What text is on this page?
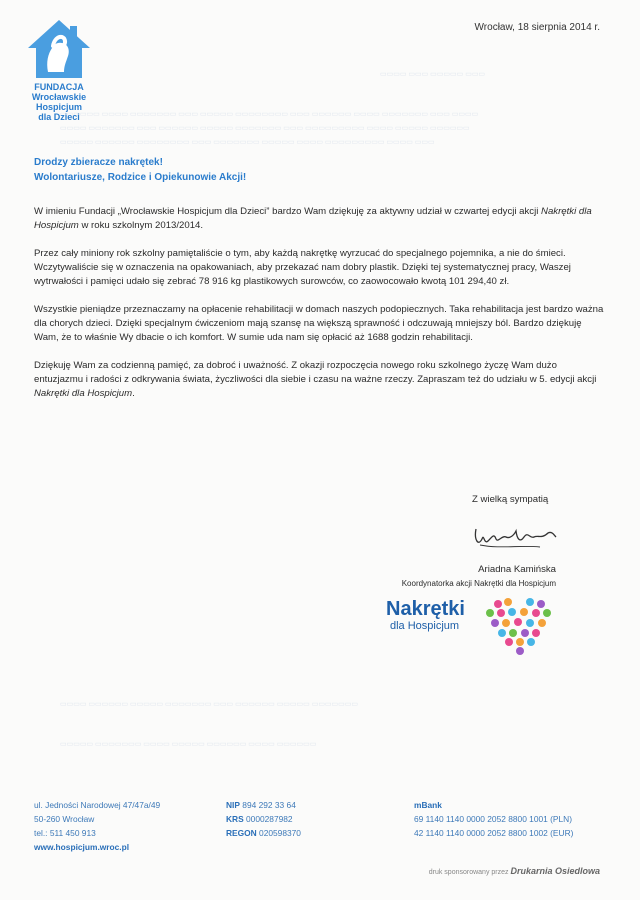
▭▭▭▭ ▭▭▭ ▭▭▭▭▭ ▭▭▭
▭▭▭▭▭▭ ▭▭▭▭ ▭▭▭▭▭▭▭ ▭▭▭ ▭▭▭▭▭ ▭▭▭▭▭▭▭▭ ▭▭▭ ▭▭▭▭▭▭ ▭▭▭▭ ▭▭▭▭▭▭▭ ▭▭▭ ▭▭▭▭
▭▭▭▭ ▭▭▭▭▭▭▭ ▭▭▭ ▭▭▭▭▭▭ ▭▭▭▭▭ ▭▭▭▭▭▭▭ ▭▭▭ ▭▭▭▭▭▭▭▭▭ ▭▭▭▭ ▭▭▭▭▭ ▭▭▭▭▭▭
▭▭▭▭▭ ▭▭▭▭▭▭ ▭▭▭▭▭▭▭▭ ▭▭▭ ▭▭▭▭▭▭▭ ▭▭▭▭▭ ▭▭▭▭ ▭▭▭▭▭▭▭▭▭ ▭▭▭▭ ▭▭▭
▭▭▭▭ ▭▭▭▭▭▭ ▭▭▭▭▭ ▭▭▭▭▭▭▭ ▭▭▭ ▭▭▭▭▭▭ ▭▭▭▭▭ ▭▭▭▭▭▭▭
▭▭▭▭▭ ▭▭▭▭▭▭▭ ▭▭▭▭ ▭▭▭▭▭ ▭▭▭▭▭▭ ▭▭▭▭ ▭▭▭▭▭▭
FUNDACJA
Wrocławskie
Hospicjum
dla Dzieci
Wrocław, 18 sierpnia 2014 r.

Drodzy zbieracze nakrętek!

Wolontariusze, Rodzice i Opiekunowie Akcji!

W imieniu Fundacji „Wrocławskie Hospicjum dla Dzieci” bardzo Wam dziękuję za aktywny udział w czwartej edycji akcji Nakrętki dla Hospicjum w roku szkolnym 2013/2014.

Przez cały miniony rok szkolny pamiętaliście o tym, aby każdą nakrętkę wyrzucać do specjalnego pojemnika, a nie do śmieci. Wczytywaliście się w oznaczenia na opakowaniach, aby przekazać nam dobry plastik. Dzięki tej systematycznej pracy, Waszej wytrwałości i pamięci udało się zebrać 78 916 kg plastikowych surowców, co zaowocowało kwotą 101 294,40 zł.

Wszystkie pieniądze przeznaczamy na opłacenie rehabilitacji w domach naszych podopiecznych. Taka rehabilitacja jest bardzo ważna dla chorych dzieci. Dzięki specjalnym ćwiczeniom mają szansę na większą sprawność i odczuwają mniejszy ból. Bardzo dziękuję Wam, że to właśnie Wy dbacie o ich komfort. W sumie uda nam się opłacić aż 1688 godzin rehabilitacji.

Dziękuję Wam za codzienną pamięć, za dobroć i uważność. Z okazji rozpoczęcia nowego roku szkolnego życzę Wam dużo entuzjazmu i radości z odkrywania świata, życzliwości dla siebie i czasu na ważne rzeczy. Zapraszam też do udziału w 5. edycji akcji Nakrętki dla Hospicjum.

Z wielką sympatią
Ariadna Kamińska
Koordynatorka akcji Nakrętki dla Hospicjum
Nakrętki
dla Hospicjum
ul. Jedności Narodowej 47/47a/49
50-260 Wrocław
tel.: 511 450 913
www.hospicjum.wroc.pl
NIP 894 292 33 64
KRS 0000287982
REGON 020598370
mBank
69 1140 1140 0000 2052 8800 1001 (PLN)
42 1140 1140 0000 2052 8800 1002 (EUR)
druk sponsorowany przez Drukarnia Osiedlowa
